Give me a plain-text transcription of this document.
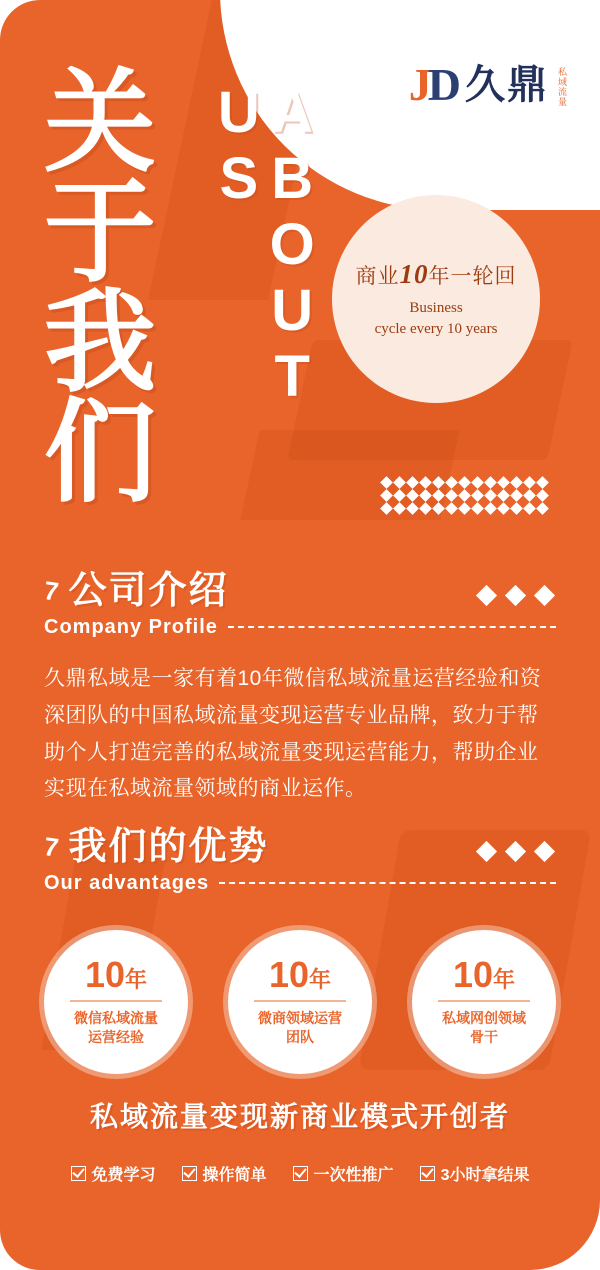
JD 久鼎 私域流量
商业10年一轮回
Business
cycle every 10 years
关
于
我
们
ABOUT US
7 公司介绍
Company Profile
久鼎私域是一家有着10年微信私域流量运营经验和资深团队的中国私域流量变现运营专业品牌，致力于帮助个人打造完善的私域流量变现运营能力，帮助企业实现在私域流量领域的商业运作。
7 我们的优势
Our advantages
10年
微信私域流量
运营经验
10年
微商领域运营
团队
10年
私域网创领域
骨干
私域流量变现新商业模式开创者
免费学习	操作简单	一次性推广	3小时拿结果
